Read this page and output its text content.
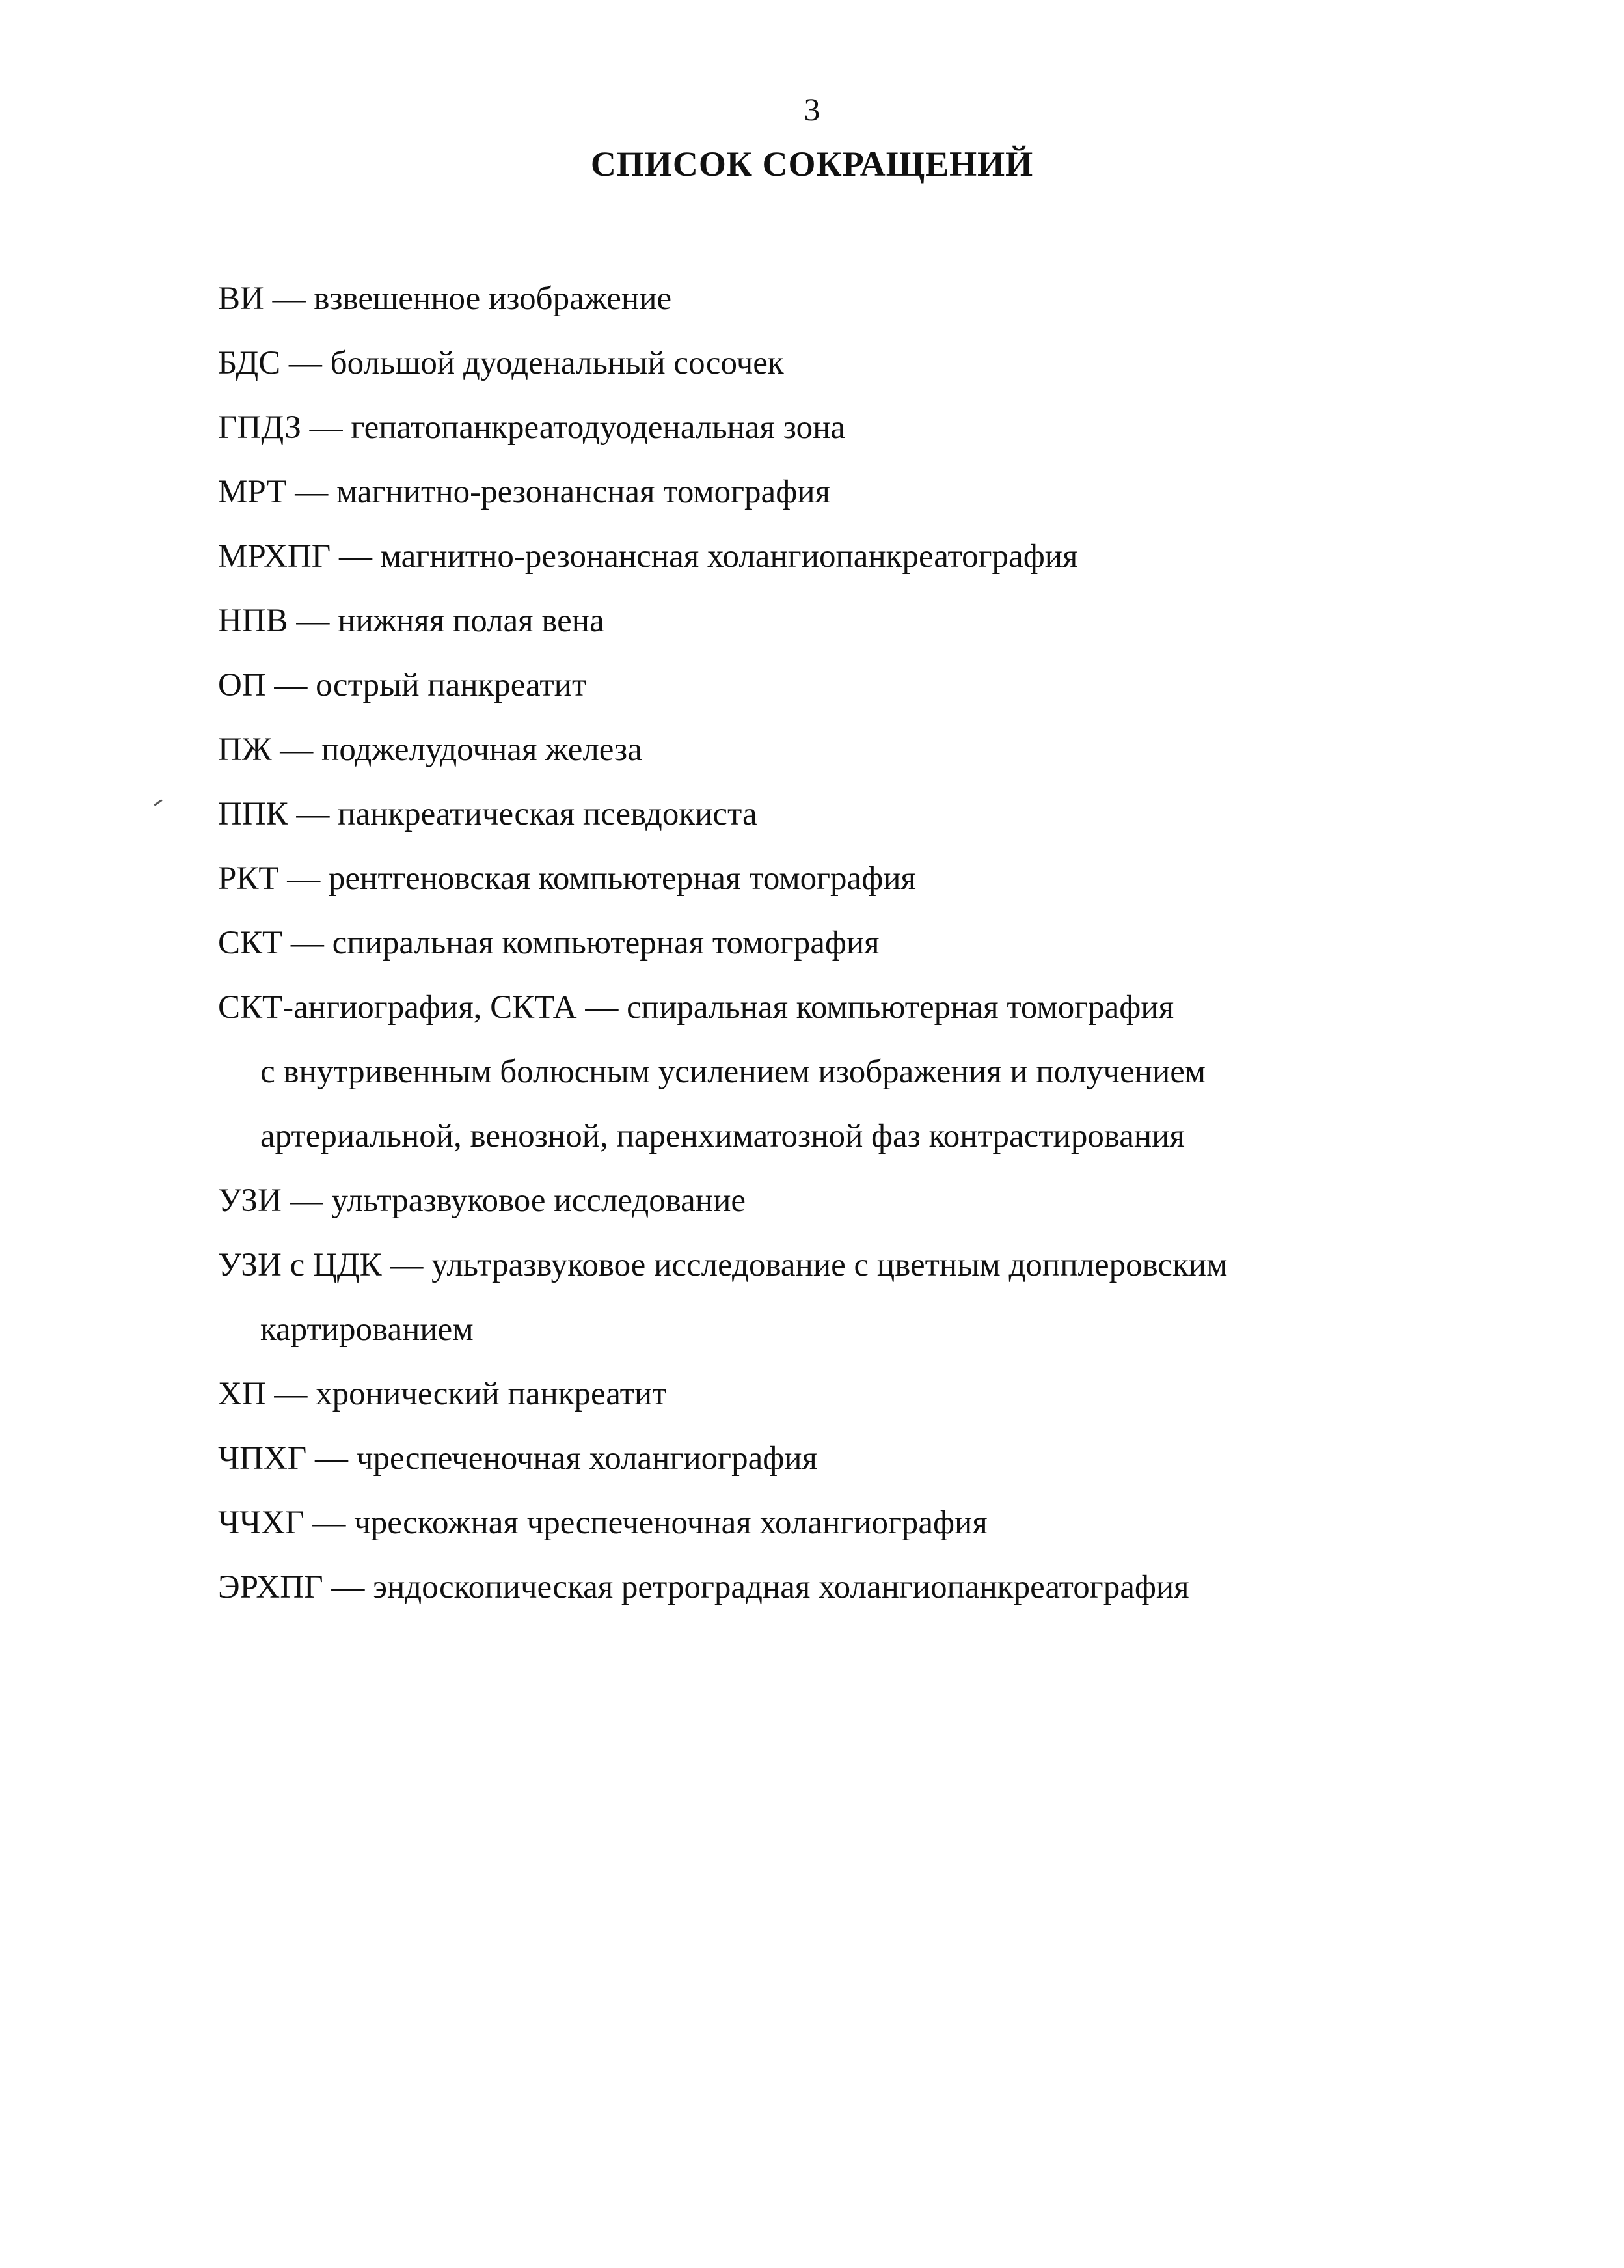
3
СПИСОК СОКРАЩЕНИЙ
ВИ — взвешенное изображение
БДС — большой дуоденальный сосочек
ГПДЗ — гепатопанкреатодуоденальная зона
МРТ — магнитно-резонансная томография
МРХПГ — магнитно-резонансная холангиопанкреатография
НПВ — нижняя полая вена
ОП — острый панкреатит
ПЖ — поджелудочная железа
ППК — панкреатическая псевдокиста
РКТ — рентгеновская компьютерная томография
СКТ — спиральная компьютерная томография
СКТ-ангиография, СКТА — спиральная компьютерная томография
с внутривенным болюсным усилением изображения и получением
артериальной, венозной, паренхиматозной фаз контрастирования
УЗИ — ультразвуковое исследование
УЗИ с ЦДК — ультразвуковое исследование с цветным допплеровским
картированием
ХП — хронический панкреатит
ЧПХГ — чреспеченочная холангиография
ЧЧХГ — чрескожная чреспеченочная холангиография
ЭРХПГ — эндоскопическая ретроградная холангиопанкреатография
